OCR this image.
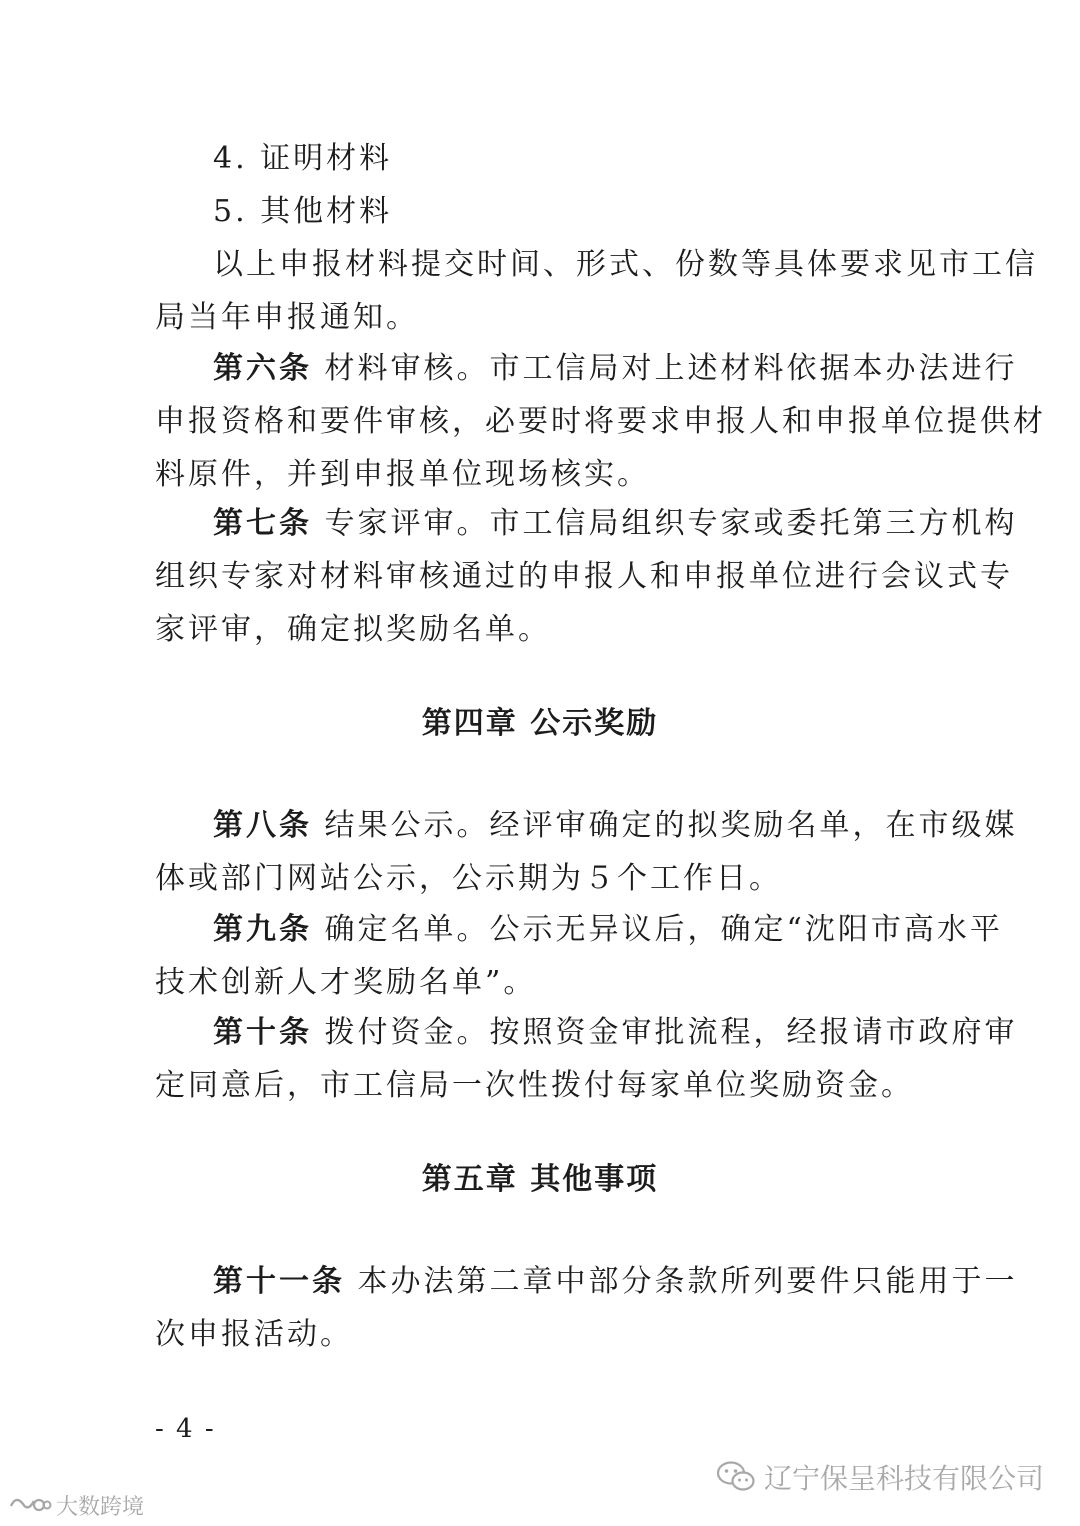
4. 证明材料
5. 其他材料
以上申报材料提交时间、形式、份数等具体要求见市工信
局当年申报通知。
第六条 材料审核。市工信局对上述材料依据本办法进行
申报资格和要件审核，必要时将要求申报人和申报单位提供材
料原件，并到申报单位现场核实。
第七条 专家评审。市工信局组织专家或委托第三方机构
组织专家对材料审核通过的申报人和申报单位进行会议式专
家评审，确定拟奖励名单。
第四章 公示奖励
第八条 结果公示。经评审确定的拟奖励名单，在市级媒
体或部门网站公示，公示期为５个工作日。
第九条 确定名单。公示无异议后，确定“沈阳市高水平
技术创新人才奖励名单”。
第十条 拨付资金。按照资金审批流程，经报请市政府审
定同意后，市工信局一次性拨付每家单位奖励资金。
第五章 其他事项
第十一条 本办法第二章中部分条款所列要件只能用于一
次申报活动。
- 4 -
辽宁保呈科技有限公司
大数跨境
